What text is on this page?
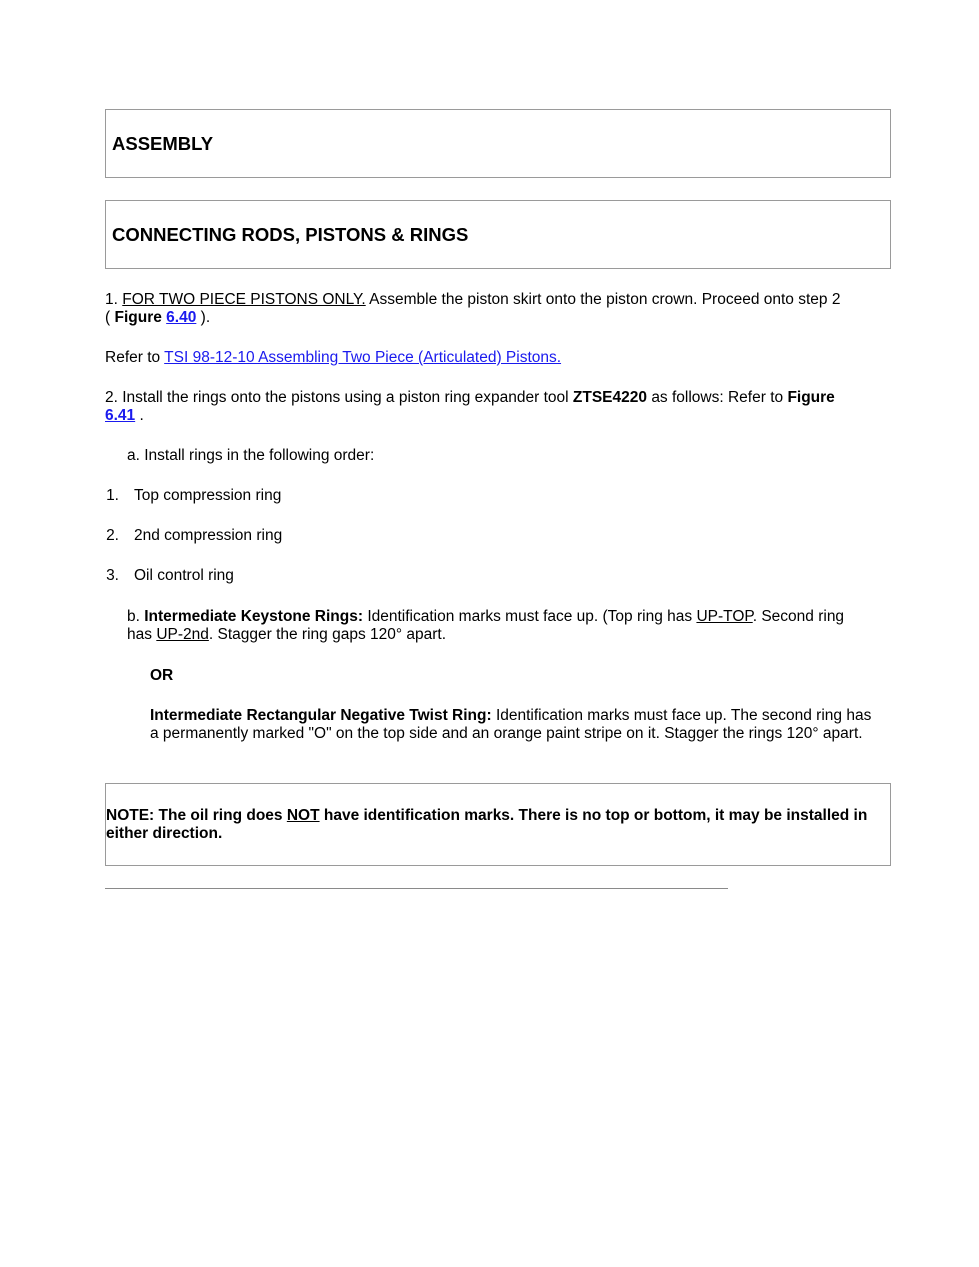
ASSEMBLY
CONNECTING RODS, PISTONS & RINGS

1. FOR TWO PIECE PISTONS ONLY. Assemble the piston skirt onto the piston crown. Proceed onto step 2
( Figure 6.40 ).

Refer to TSI 98-12-10 Assembling Two Piece (Articulated) Pistons.

2. Install the rings onto the pistons using a piston ring expander tool ZTSE4220 as follows: Refer to Figure
6.41 .

a. Install rings in the following order:

1. Top compression ring
2. 2nd compression ring
3. Oil control ring

b. Intermediate Keystone Rings: Identification marks must face up. (Top ring has UP-TOP. Second ring
has UP-2nd. Stagger the ring gaps 120° apart.

OR

Intermediate Rectangular Negative Twist Ring: Identification marks must face up. The second ring has a permanently marked "O" on the top side and an orange paint stripe on it. Stagger the rings 120° apart.

NOTE: The oil ring does NOT have identification marks. There is no top or bottom, it may be installed in either direction.
